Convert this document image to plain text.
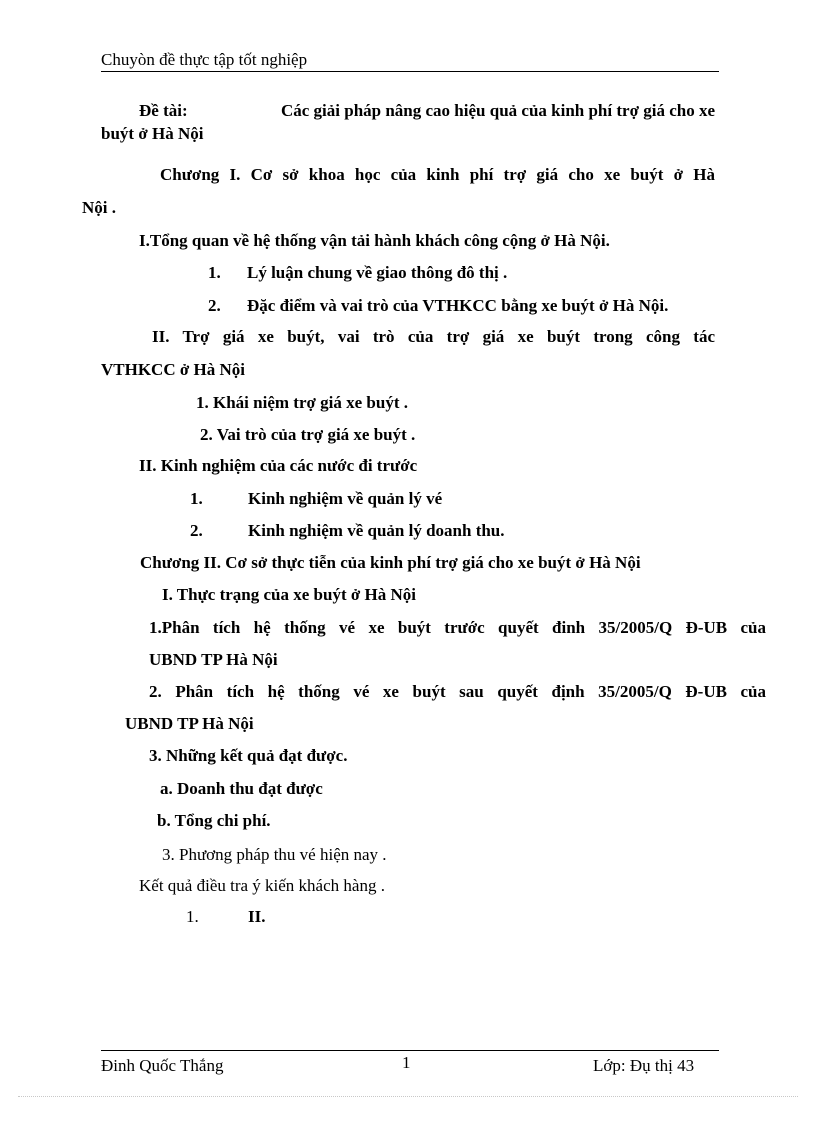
Chuyòn đề thực tập tốt nghiệp
Đề tài:	Các giải pháp nâng cao hiệu quả của kinh phí trợ giá cho xe
buýt ở Hà Nội
Chương I. Cơ sở khoa học của kinh phí trợ giá cho xe buýt ở Hà
Nội .
I.Tổng quan về hệ thống vận tải hành khách công cộng ở Hà Nội.
1. Lý luận chung về giao thông đô thị .
2. Đặc điểm và vai trò của VTHKCC bằng xe buýt ở Hà Nội.
II. Trợ giá xe buýt, vai trò của trợ giá xe buýt trong công tác
VTHKCC ở Hà Nội
1. Khái niệm trợ giá xe buýt .
2. Vai trò của trợ giá xe buýt .
II. Kinh nghiệm của các nước đi trước
1.	Kinh nghiệm về quản lý vé
2.	Kinh nghiệm về quản lý doanh thu.
Chương II. Cơ sở thực tiễn của kinh phí trợ giá cho xe buýt ở Hà Nội
I. Thực trạng của xe buýt ở Hà Nội
1.Phân tích hệ thống vé xe buýt trước quyết đinh 35/2005/Q Đ-UB của
UBND TP Hà Nội
2. Phân tích hệ thống vé xe buýt sau quyết định 35/2005/Q Đ-UB của
UBND TP Hà Nội
3. Những kết quả đạt được.
a. Doanh thu đạt được
b. Tổng chi phí.
3. Phương pháp thu vé hiện nay .
Kết quả điều tra ý kiến khách hàng .
1.	II.
Đinh Quốc Thắng	1	Lớp: Đụ thị 43
